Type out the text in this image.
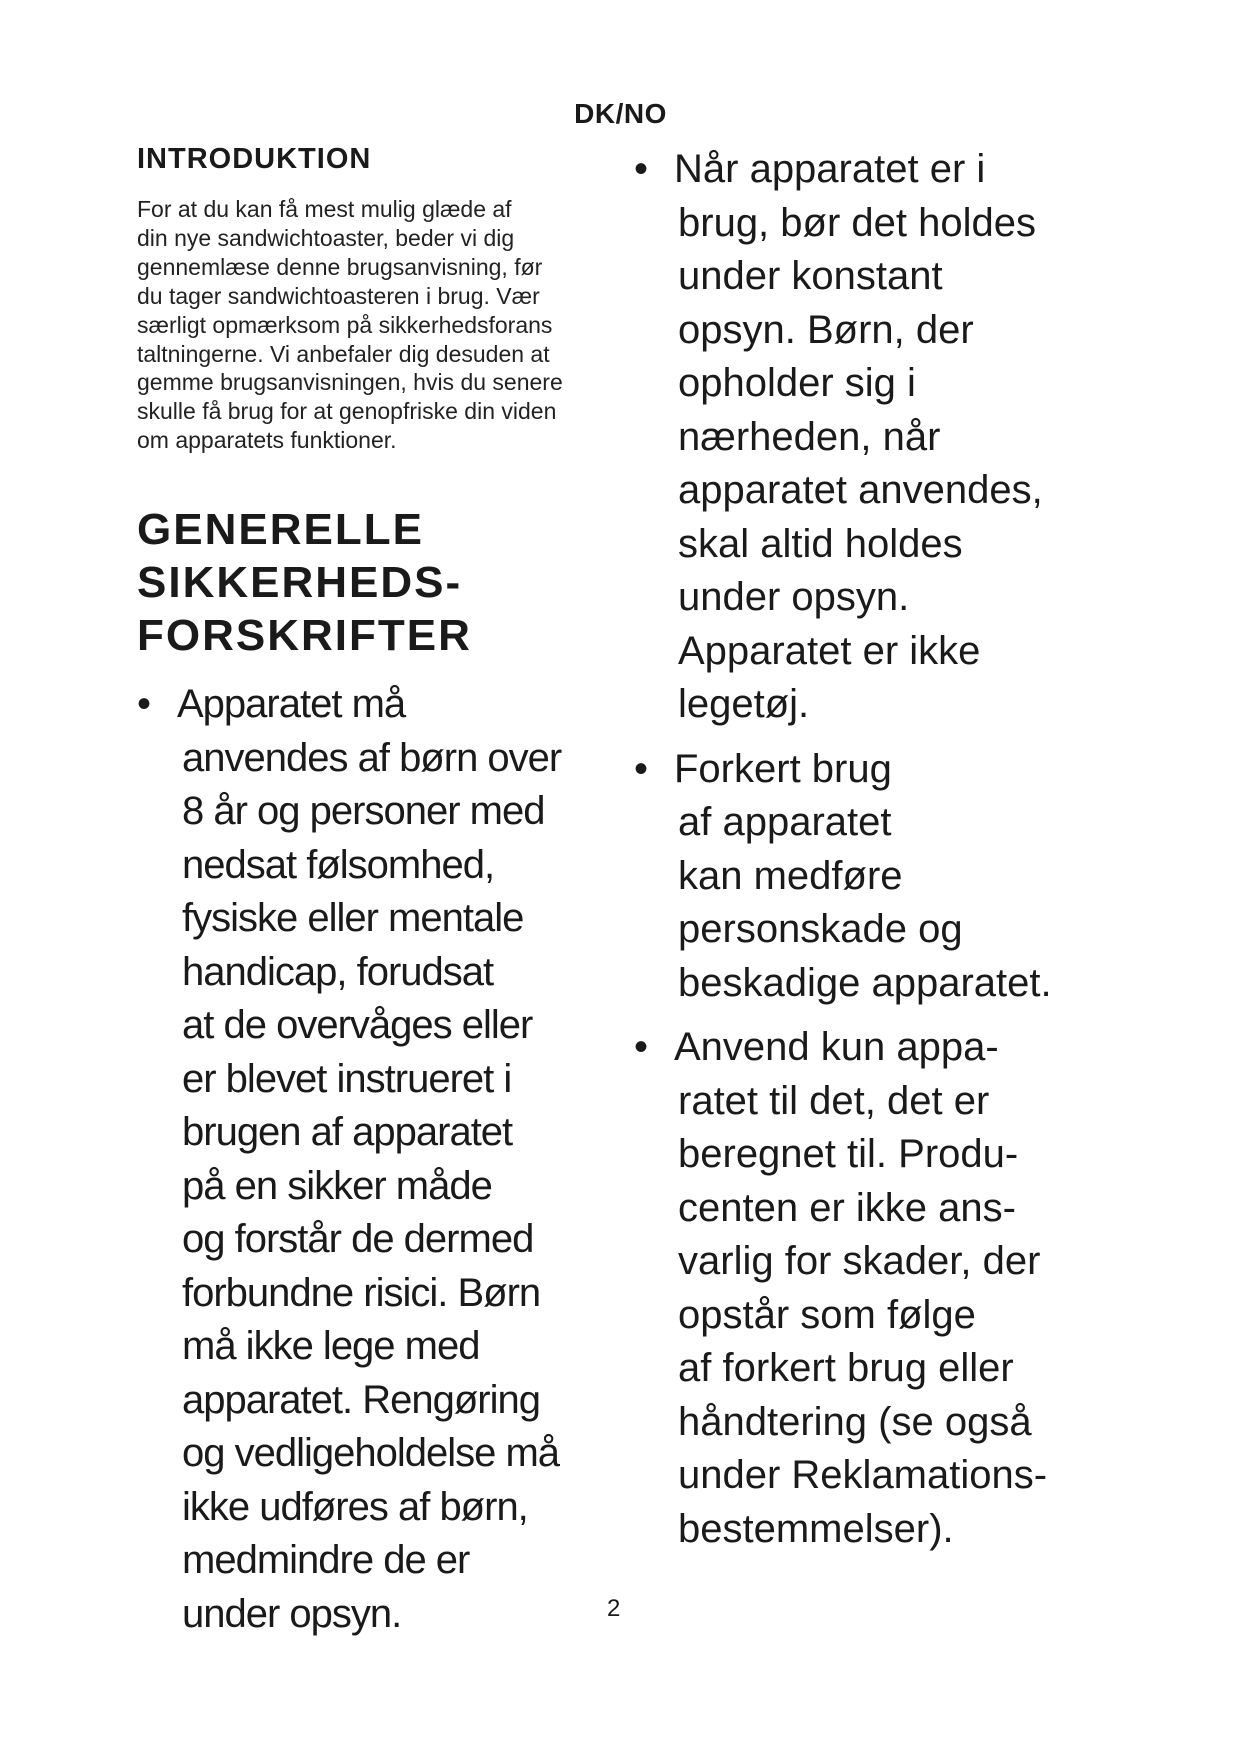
DK/NO
INTRODUKTION

For at du kan få mest mulig glæde af
din nye sandwichtoaster, beder vi dig
gennemlæse denne brugsanvisning, før
du tager sandwichtoasteren i brug. Vær
særligt opmærksom på sikkerhedsforans
taltningerne. Vi anbefaler dig desuden at
gemme brugsanvisningen, hvis du senere
skulle få brug for at genopfriske din viden
om apparatets funktioner.

GENERELLE
SIKKERHEDS-
FORSKRIFTER
• Apparatet må
anvendes af børn over
8 år og personer med
nedsat følsomhed,
fysiske eller mentale
handicap, forudsat
at de overvåges eller
er blevet instrueret i
brugen af apparatet
på en sikker måde
og forstår de dermed
forbundne risici. Børn
må ikke lege med
apparatet. Rengøring
og vedligeholdelse må
ikke udføres af børn,
medmindre de er
under opsyn.
• Når apparatet er i
brug, bør det holdes
under konstant
opsyn. Børn, der
opholder sig i
nærheden, når
apparatet anvendes,
skal altid holdes
under opsyn.
Apparatet er ikke
legetøj.
• Forkert brug
af apparatet
kan medføre
personskade og
beskadige apparatet.
• Anvend kun appa-
ratet til det, det er
beregnet til. Produ-
centen er ikke ans-
varlig for skader, der
opstår som følge
af forkert brug eller
håndtering (se også
under Reklamations-
bestemmelser).
2
